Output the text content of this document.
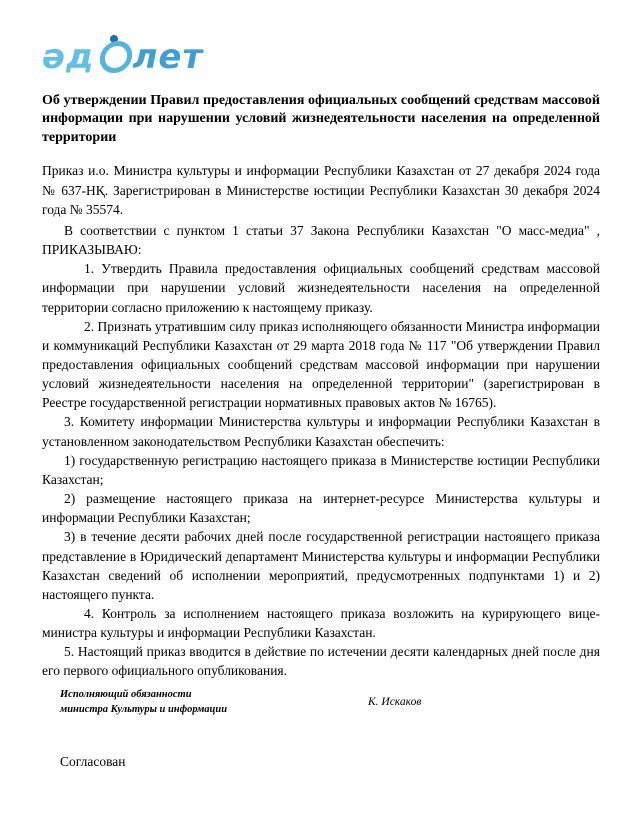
әд лет
Об утверждении Правил предоставления официальных сообщений средствам массовой информации при нарушении условий жизнедеятельности населения на определенной территории

Приказ и.о. Министра культуры и информации Республики Казахстан от 27 декабря 2024 года № 637-НҚ. Зарегистрирован в Министерстве юстиции Республики Казахстан 30 декабря 2024 года № 35574.

В соответствии с пунктом 1 статьи 37 Закона Республики Казахстан "О масс-медиа" , ПРИКАЗЫВАЮ:

1. Утвердить Правила предоставления официальных сообщений средствам массовой информации при нарушении условий жизнедеятельности населения на определенной территории согласно приложению к настоящему приказу.

2. Признать утратившим силу приказ исполняющего обязанности Министра информации и коммуникаций Республики Казахстан от 29 марта 2018 года № 117 "Об утверждении Правил предоставления официальных сообщений средствам массовой информации при нарушении условий жизнедеятельности населения на определенной территории" (зарегистрирован в Реестре государственной регистрации нормативных правовых актов № 16765).

3. Комитету информации Министерства культуры и информации Республики Казахстан в установленном законодательством Республики Казахстан обеспечить:

1) государственную регистрацию настоящего приказа в Министерстве юстиции Республики Казахстан;

2) размещение настоящего приказа на интернет-ресурсе Министерства культуры и информации Республики Казахстан;

3) в течение десяти рабочих дней после государственной регистрации настоящего приказа представление в Юридический департамент Министерства культуры и информации Республики Казахстан сведений об исполнении мероприятий, предусмотренных подпунктами 1) и 2) настоящего пункта.

4. Контроль за исполнением настоящего приказа возложить на курирующего вице-министра культуры и информации Республики Казахстан.

5. Настоящий приказ вводится в действие по истечении десяти календарных дней после дня его первого официального опубликования.

Исполняющий обязанности
министра Культуры и информации
К. Искаков

Согласован
